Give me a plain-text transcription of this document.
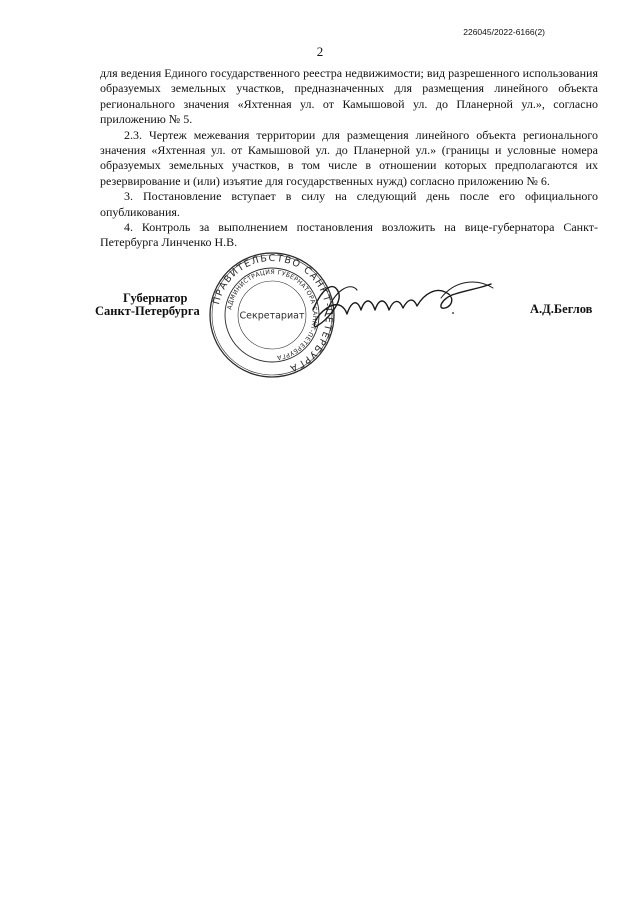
226045/2022-6166(2)
2

для ведения Единого государственного реестра недвижимости; вид разрешенного использования образуемых земельных участков, предназначенных для размещения линейного объекта регионального значения «Яхтенная ул. от Камышовой ул. до Планерной ул.», согласно приложению № 5.

2.3. Чертеж межевания территории для размещения линейного объекта регионального значения «Яхтенная ул. от Камышовой ул. до Планерной ул.» (границы и условные номера образуемых земельных участков, в том числе в отношении которых предполагаются их резервирование и (или) изъятие для государственных нужд) согласно приложению № 6.

3. Постановление вступает в силу на следующий день после его официального опубликования.

4. Контроль за выполнением постановления возложить на вице-губернатора Санкт-Петербурга Линченко Н.В.

Губернатор
Санкт-Петербурга
ПРАВИТЕЛЬСТВО САНКТ-ПЕТЕРБУРГА
АДМИНИСТРАЦИЯ ГУБЕРНАТОРА САНКТ-ПЕТЕРБУРГА
Секретариат	А.Д.Беглов
